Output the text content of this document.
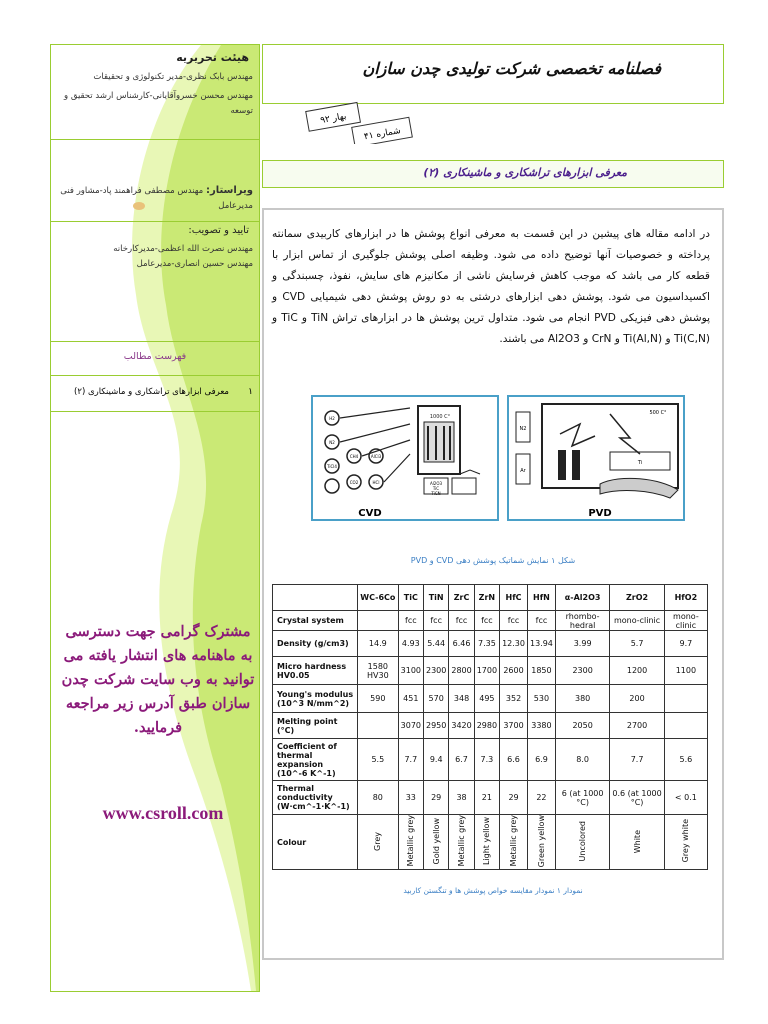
هیئت تحریریه
مهندس بابک نظری-مدیر تکنولوژی و تحقیقات
مهندس محسن خسروآقایانی-کارشناس ارشد تحقیق و توسعه
ویراستار: مهندس مصطفی فراهمند پاد-مشاور فنی مدیرعامل
تایید و تصویب:
مهندس نصرت الله اعظمی-مدیرکارخانه
مهندس حسین انصاری-مدیرعامل
فهرست مطالب
۱
معرفی ابزارهای تراشکاری و ماشینکاری (۲)
مشترک گرامی جهت دسترسی به ماهنامه های انتشار یافته می توانید به وب سایت شرکت چدن سازان طبق آدرس زیر مراجعه فرمایید.
www.csroll.com
فصلنامه تخصصی شرکت تولیدی چدن سازان
بهار ۹۲
شماره ۴۱
معرفی ابزارهای تراشکاری و ماشینکاری (۲)
در ادامه مقاله های پیشین در این قسمت به معرفی انواع پوشش ها در ابزارهای کاربیدی سمانته پرداخته و خصوصیات آنها توضیح داده می شود. وظیفه اصلی پوشش جلوگیری از تماس ابزار با قطعه کار می باشد که موجب کاهش فرسایش ناشی از مکانیزم های سایش، نفوذ، چسبندگی و اکسیداسیون می شود. پوشش دهی ابزارهای درشتی به دو روش پوشش دهی شیمیایی CVD و پوشش دهی فیزیکی PVD انجام می شود. متداول ترین پوشش ها در ابزارهای تراش TiN و TiC و Ti(C,N) و Ti(Al,N) و CrN و Al2O3 می باشند.
1000 C°
H2
N2
TiCl4
CH4	AlCl3
CO2	HCl	Al2O3
TiC
TiCN
CVD
N2
Ar
500 C°
Ti
PVD
شکل ۱ نمایش شماتیک پوشش دهی CVD و PVD
	WC-6Co	TiC	TiN	ZrC	ZrN	HfC	HfN	α-Al2O3	ZrO2	HfO2
Crystal system		fcc	fcc	fcc	fcc	fcc	fcc	rhombo-hedral	mono-clinic	mono-clinic
Density (g/cm3)	14.9	4.93	5.44	6.46	7.35	12.30	13.94	3.99	5.7	9.7
Micro hardness HV0.05	1580 HV30	3100	2300	2800	1700	2600	1850	2300	1200	1100
Young's modulus (10^3 N/mm^2)	590	451	570	348	495	352	530	380	200	
Melting point (°C)		3070	2950	3420	2980	3700	3380	2050	2700	
Coefficient of thermal expansion (10^-6 K^-1)	5.5	7.7	9.4	6.7	7.3	6.6	6.9	8.0	7.7	5.6
Thermal conductivity (W·cm^-1·K^-1)	80	33	29	38	21	29	22	6 (at 1000 °C)	0.6 (at 1000 °C)	< 0.1
Colour	Grey	Metallic grey	Gold yellow	Metallic grey	Light yellow	Metallic grey	Green yellow	Uncolored	White	Grey white
نمودار ۱ نمودار مقایسه خواص پوشش ها و تنگستن کاربید
